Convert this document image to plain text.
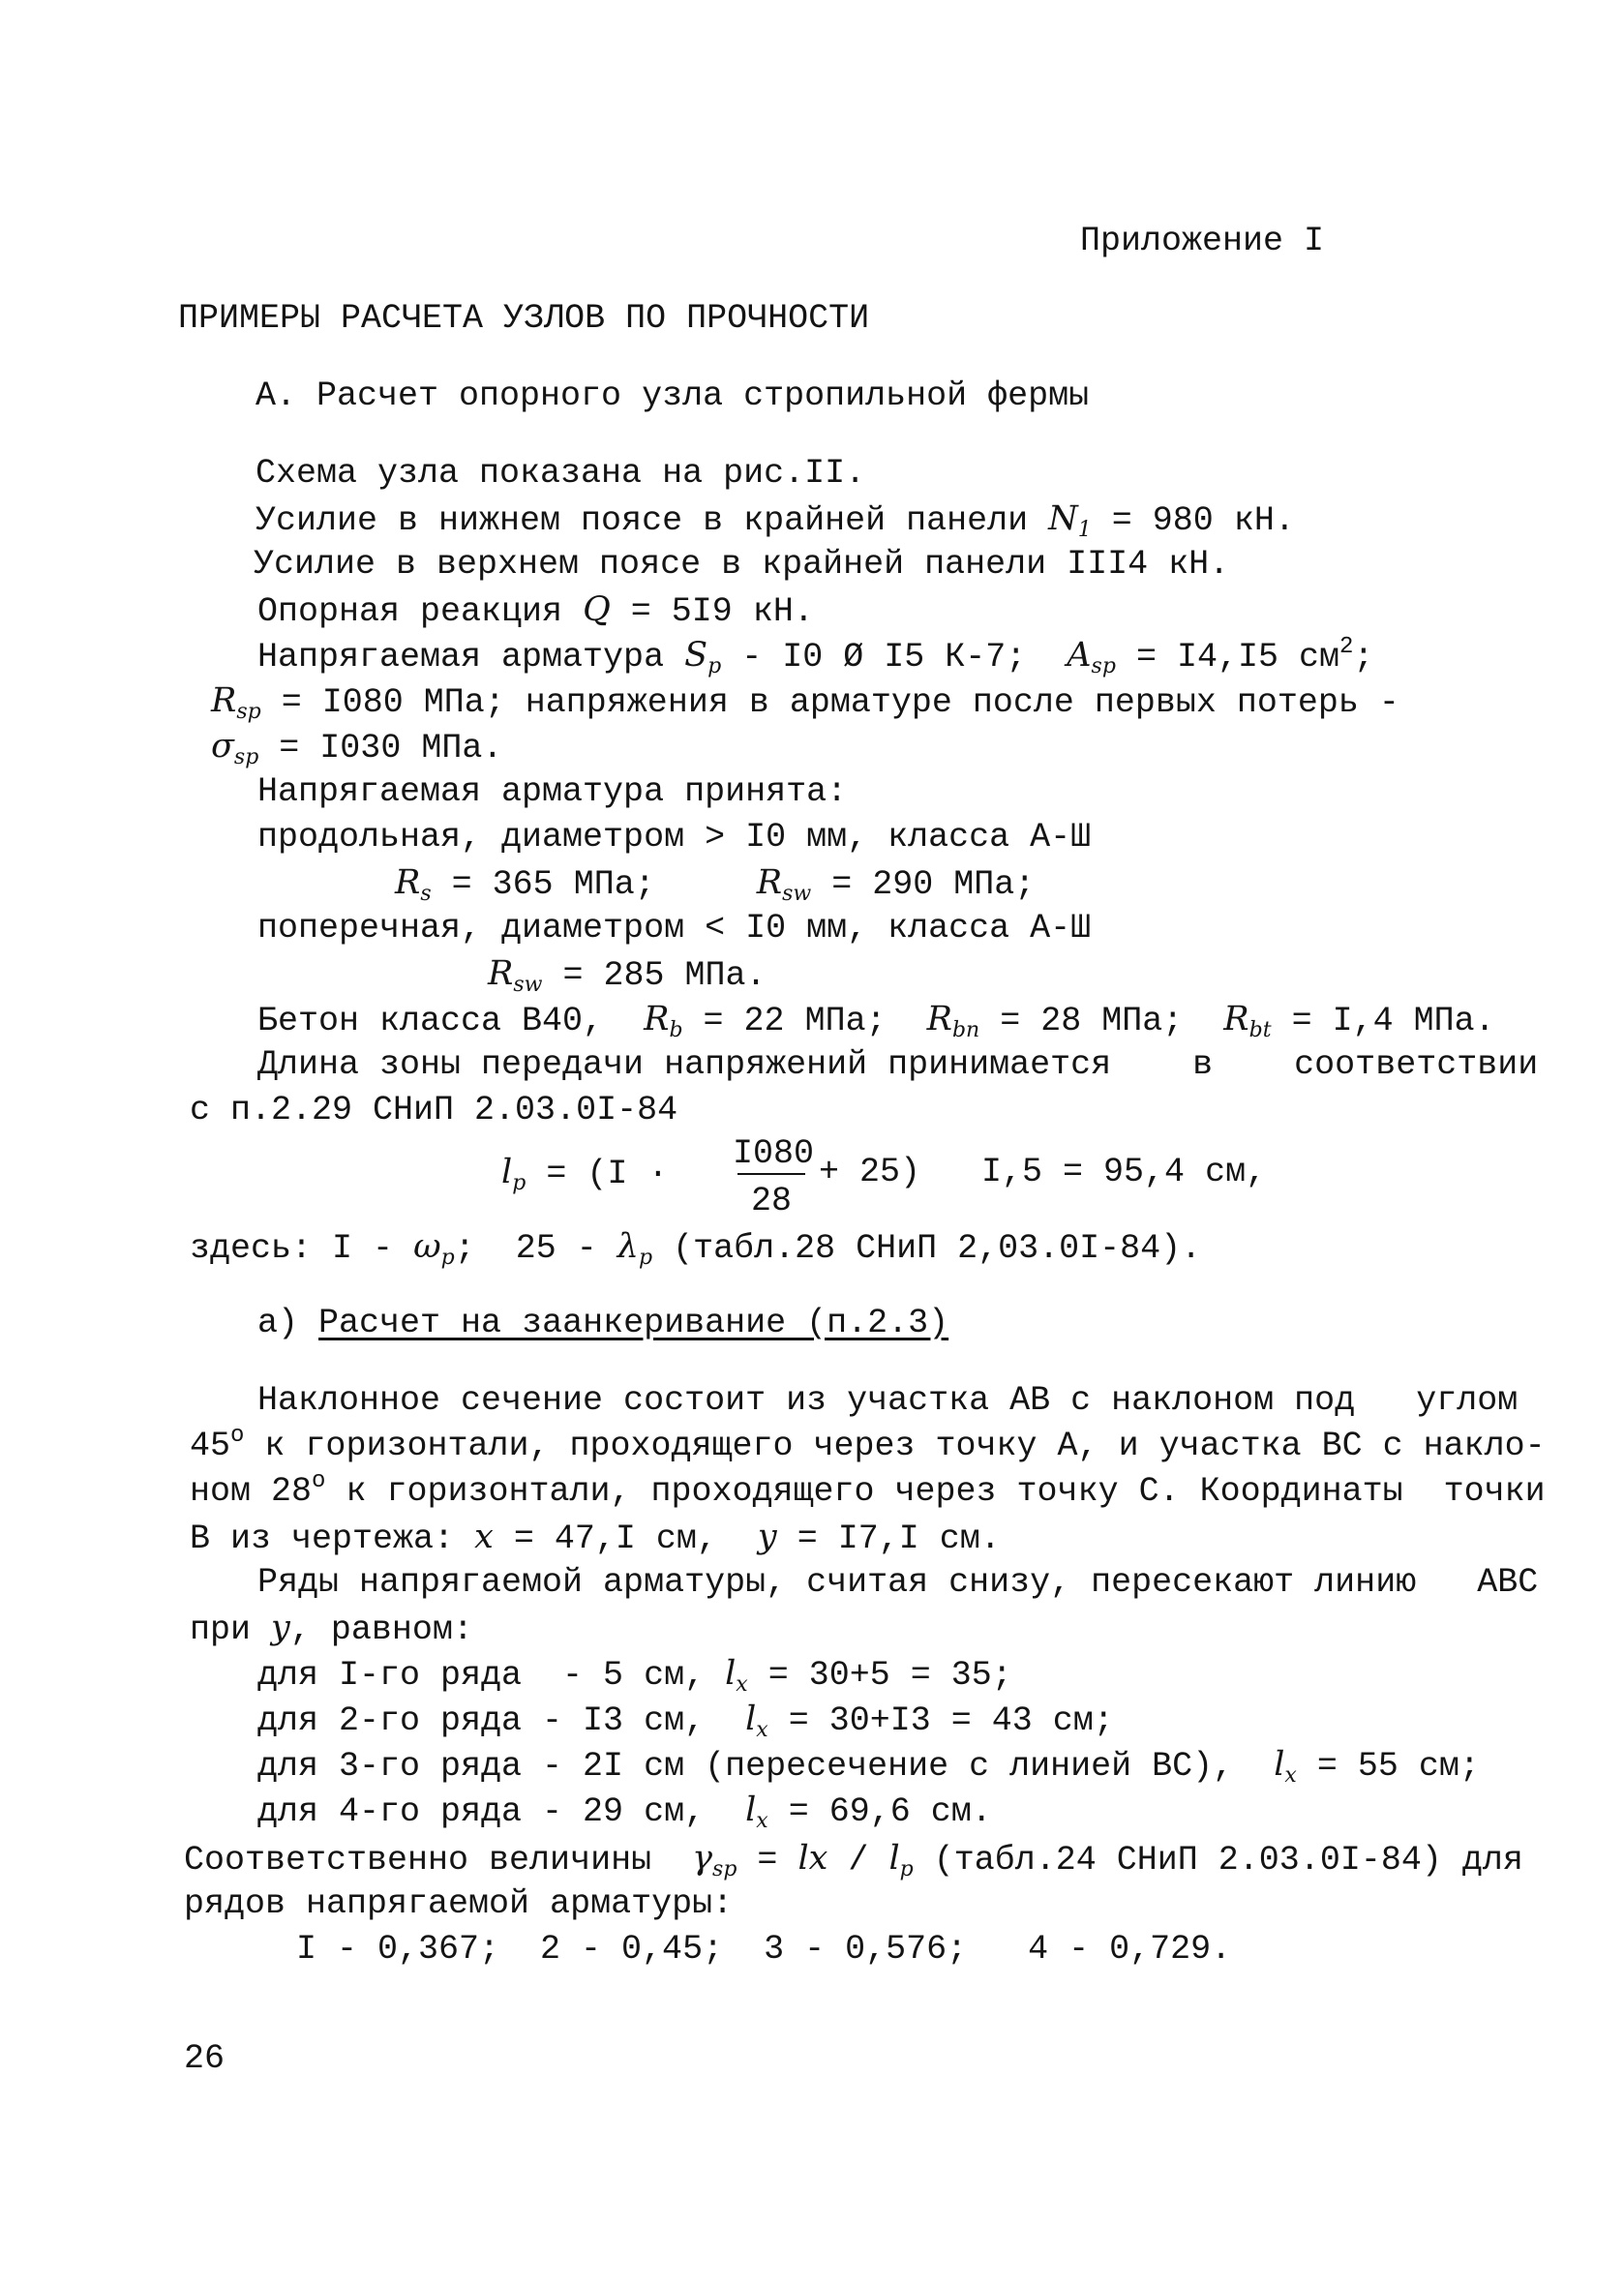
Приложение I
ПРИМЕРЫ РАСЧЕТА УЗЛОВ ПО ПРОЧНОСТИ
А. Расчет опорного узла стропильной фермы
Схема узла показана на рис.II.
Усилие в нижнем поясе в крайней панели $N_1 = 980$ кН.
Усилие в верхнем поясе в крайней панели III4 кН.
Опорная реакция Q = 5I9 кН.
Напрягаемая арматура $S_p - I0$ Ø I5 К-7; $A_{sp} = I4,I5$ $см^2$;
$R_{sp} = I080$ МПа; напряжения в арматуре после первых потерь -
$\sigma_{sp} = I030$ МПа.
Напрягаемая арматура принята:
продольная, диаметром > I0 мм, класса А-Ш
$R_s = 365$ МПа;	$R_{sw} = 290$ МПа;
поперечная, диаметром < I0 мм, класса А-Ш
$R_{sw} = 285$ МПа.
Бетон класса В40, $R_b = 22$ МПа; $R_{bn} = 28$ МПа; $R_{bt} = I,4$ МПа.
Длина зоны передачи напряжений принимается    в    соответствии
с п.2.29 СНиП 2.03.0I-84
$l_p = (I$ ·
I080
28
+ 25)   I,5 = 95,4 см,
здесь: I - $\omega_p$; $25 - \lambda_p$ (табл.28 СНиП 2,03.0I-84).
а) Расчет на заанкеривание (п.2.3)
Наклонное сечение состоит из участка АВ с наклоном под   углом
45$^o$ к горизонтали, проходящего через точку А, и участка ВС с накло-
ном 28$^o$ к горизонтали, проходящего через точку С. Координаты  точки
В из чертежа: x = 47,I см, y = I7,I см.
Ряды напрягаемой арматуры, считая снизу, пересекают линию   АВС
при y, равном:
для I-го ряда  - 5 см, $l_x = 30+5 = 35$;
для 2-го ряда - I3 см, $l_x = 30+I3 = 43$ см;
для 3-го ряда - 2I см (пересечение с линией ВС), $l_x = 55$ см;
для 4-го ряда - 29 см, $l_x = 69,6$ см.
Соответственно величины $\gamma_{sp}$ = lx / $l_p$ (табл.24 СНиП 2.03.0I-84) для
рядов напрягаемой арматуры:
I - 0,367;  2 - 0,45;  3 - 0,576;   4 - 0,729.
26
